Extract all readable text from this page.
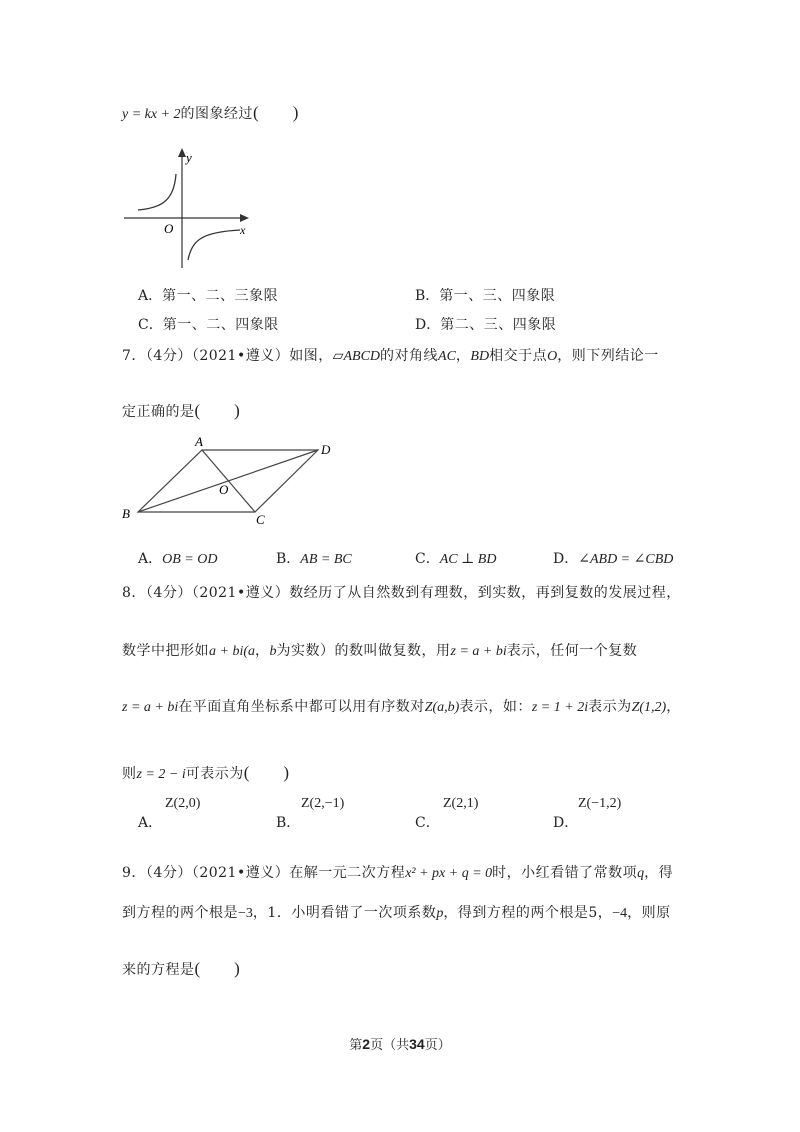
y = kx + 2的图象经过(　　)
y
x
O
A．第一、二、三象限	B．第一、三、四象限
C．第一、二、四象限	D．第二、三、四象限
7．（4分）（2021•遵义）如图，▱ABCD的对角线AC，BD相交于点O，则下列结论一
定正确的是(　　)
A
B	C
D
O
A．OB = OD	B．AB = BC	C．AC ⊥ BD	D．∠ABD = ∠CBD
8．（4分）（2021•遵义）数经历了从自然数到有理数，到实数，再到复数的发展过程，
数学中把形如a + bi(a，b为实数）的数叫做复数，用z = a + bi表示，任何一个复数
z = a + bi在平面直角坐标系中都可以用有序数对Z(a,b)表示，如：z = 1 + 2i表示为Z(1,2)，
则z = 2 − i可表示为(　　)
Z(2,0)
A．
Z(2,−1)
B．
Z(2,1)
C．
Z(−1,2)
D．
9．（4分）（2021•遵义）在解一元二次方程x² + px + q = 0时，小红看错了常数项q，得
到方程的两个根是−3，1．小明看错了一次项系数p，得到方程的两个根是5，−4，则原
来的方程是(　　)
第2页（共34页）
